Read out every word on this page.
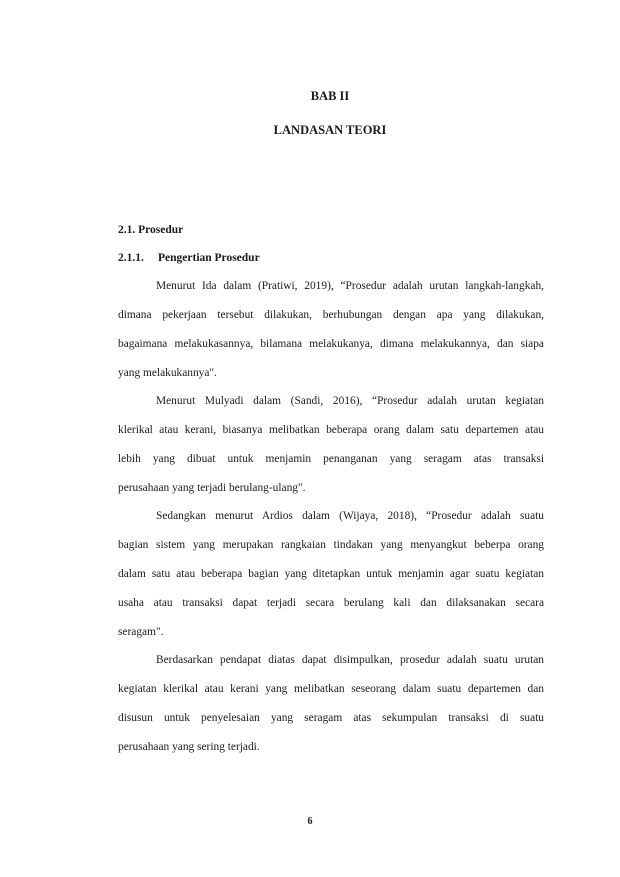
BAB II

LANDASAN TEORI

2.1. Prosedur

2.1.1. Pengertian Prosedur

Menurut Ida dalam (Pratiwi, 2019), “Prosedur adalah urutan langkah-langkah,
dimana pekerjaan tersebut dilakukan, berhubungan dengan apa yang dilakukan,
bagaimana melakukasannya, bilamana melakukanya, dimana melakukannya, dan siapa
yang melakukannya".
Menurut Mulyadi dalam (Sandi, 2016), “Prosedur adalah urutan kegiatan
klerikal atau kerani, biasanya melibatkan beberapa orang dalam satu departemen atau
lebih yang dibuat untuk menjamin penanganan yang seragam atas transaksi
perusahaan yang terjadi berulang-ulang".
Sedangkan menurut Ardios dalam (Wijaya, 2018), “Prosedur adalah suatu
bagian sistem yang merupakan rangkaian tindakan yang menyangkut beberpa orang
dalam satu atau beberapa bagian yang ditetapkan untuk menjamin agar suatu kegiatan
usaha atau transaksi dapat terjadi secara berulang kali dan dilaksanakan secara
seragam".
Berdasarkan pendapat diatas dapat disimpulkan, prosedur adalah suatu urutan
kegiatan klerikal atau kerani yang melibatkan seseorang dalam suatu departemen dan
disusun untuk penyelesaian yang seragam atas sekumpulan transaksi di suatu
perusahaan yang sering terjadi.
6
